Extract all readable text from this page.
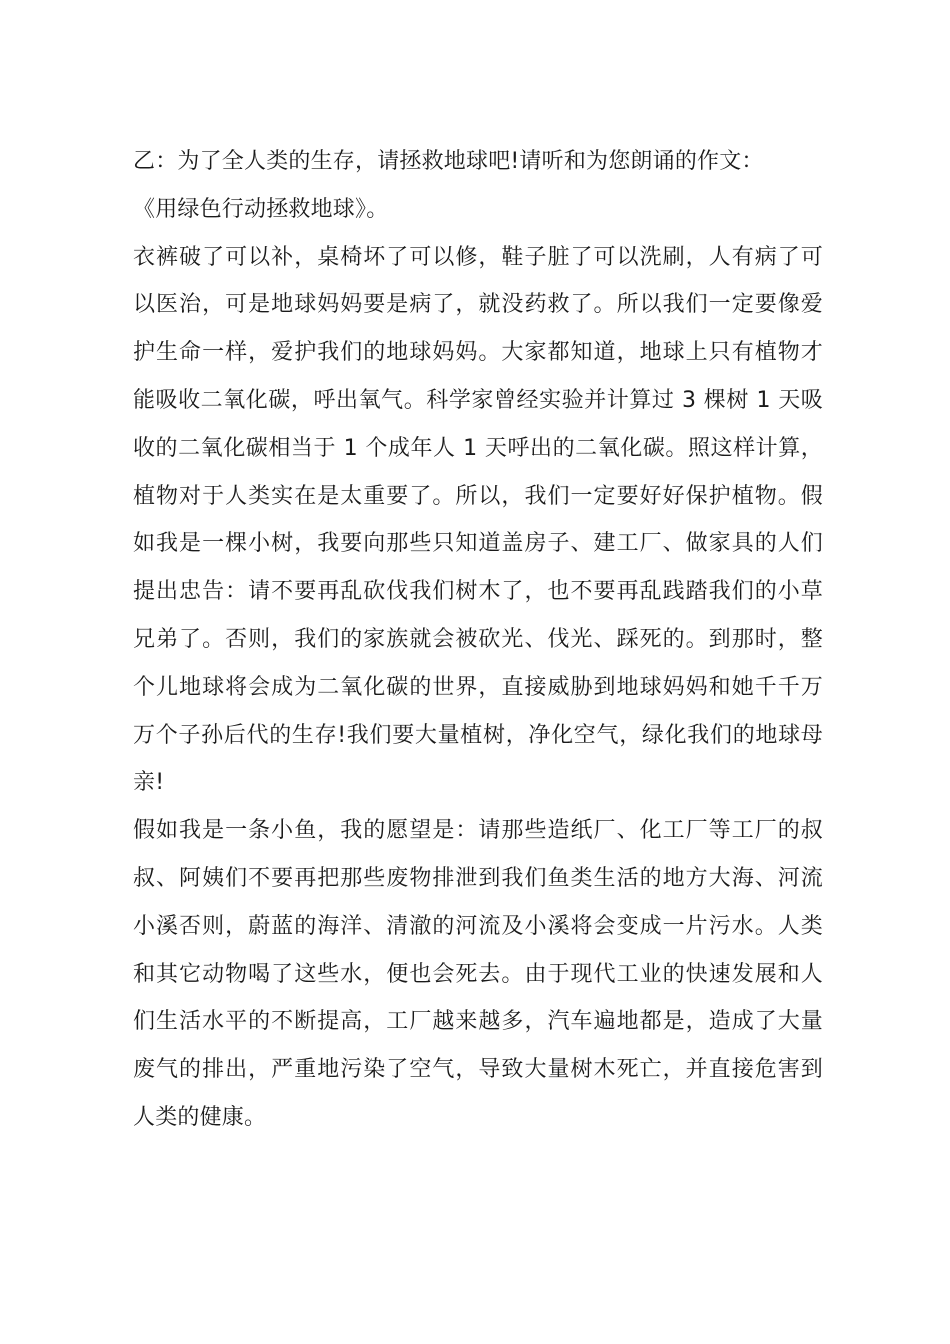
乙：为了全人类的生存，请拯救地球吧!请听和为您朗诵的作文：
《用绿色行动拯救地球》。
衣裤破了可以补，桌椅坏了可以修，鞋子脏了可以洗刷，人有病了可
以医治，可是地球妈妈要是病了，就没药救了。所以我们一定要像爱
护生命一样，爱护我们的地球妈妈。大家都知道，地球上只有植物才
能吸收二氧化碳，呼出氧气。科学家曾经实验并计算过 3 棵树 1 天吸
收的二氧化碳相当于 1 个成年人 1 天呼出的二氧化碳。照这样计算，
植物对于人类实在是太重要了。所以，我们一定要好好保护植物。假
如我是一棵小树，我要向那些只知道盖房子、建工厂、做家具的人们
提出忠告：请不要再乱砍伐我们树木了，也不要再乱践踏我们的小草
兄弟了。否则，我们的家族就会被砍光、伐光、踩死的。到那时，整
个儿地球将会成为二氧化碳的世界，直接威胁到地球妈妈和她千千万
万个子孙后代的生存!我们要大量植树，净化空气，绿化我们的地球母
亲!
假如我是一条小鱼，我的愿望是：请那些造纸厂、化工厂等工厂的叔
叔、阿姨们不要再把那些废物排泄到我们鱼类生活的地方大海、河流
小溪否则，蔚蓝的海洋、清澈的河流及小溪将会变成一片污水。人类
和其它动物喝了这些水，便也会死去。由于现代工业的快速发展和人
们生活水平的不断提高，工厂越来越多，汽车遍地都是，造成了大量
废气的排出，严重地污染了空气，导致大量树木死亡，并直接危害到
人类的健康。
